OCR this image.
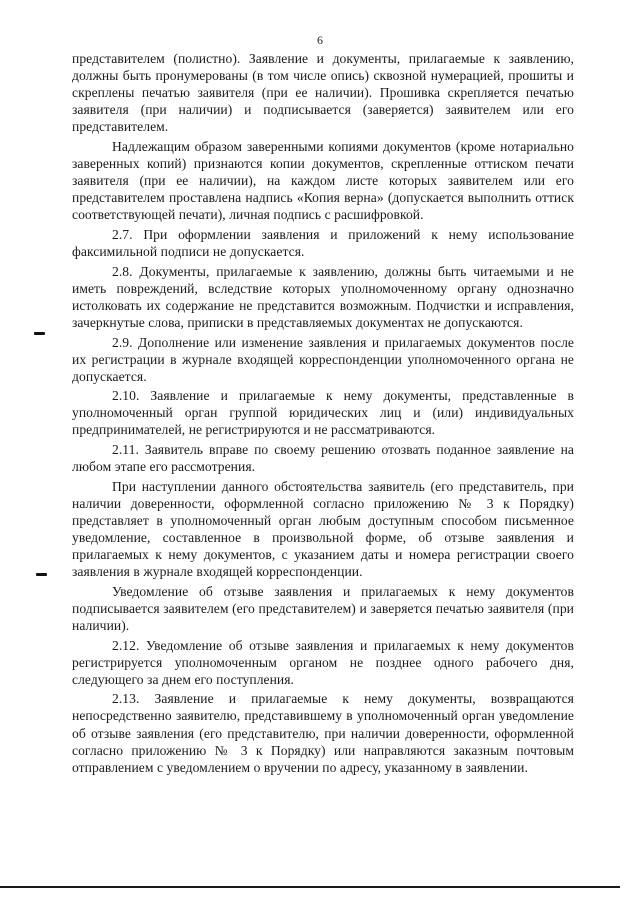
6

представителем (полистно). Заявление и документы, прилагаемые к заявлению, должны быть пронумерованы (в том числе опись) сквозной нумерацией, прошиты и скреплены печатью заявителя (при ее наличии). Прошивка скрепляется печатью заявителя (при наличии) и подписывается (заверяется) заявителем или его представителем.

Надлежащим образом заверенными копиями документов (кроме нотариально заверенных копий) признаются копии документов, скрепленные оттиском печати заявителя (при ее наличии), на каждом листе которых заявителем или его представителем проставлена надпись «Копия верна» (допускается выполнить оттиск соответствующей печати), личная подпись с расшифровкой.

2.7. При оформлении заявления и приложений к нему использование факсимильной подписи не допускается.

2.8. Документы, прилагаемые к заявлению, должны быть читаемыми и не иметь повреждений, вследствие которых уполномоченному органу однозначно истолковать их содержание не представится возможным. Подчистки и исправления, зачеркнутые слова, приписки в представляемых документах не допускаются.

2.9. Дополнение или изменение заявления и прилагаемых документов после их регистрации в журнале входящей корреспонденции уполномоченного органа не допускается.

2.10. Заявление и прилагаемые к нему документы, представленные в уполномоченный орган группой юридических лиц и (или) индивидуальных предпринимателей, не регистрируются и не рассматриваются.

2.11. Заявитель вправе по своему решению отозвать поданное заявление на любом этапе его рассмотрения.

При наступлении данного обстоятельства заявитель (его представитель, при наличии доверенности, оформленной согласно приложению № 3 к Порядку) представляет в уполномоченный орган любым доступным способом письменное уведомление, составленное в произвольной форме, об отзыве заявления и прилагаемых к нему документов, с указанием даты и номера регистрации своего заявления в журнале входящей корреспонденции.

Уведомление об отзыве заявления и прилагаемых к нему документов подписывается заявителем (его представителем) и заверяется печатью заявителя (при наличии).

2.12. Уведомление об отзыве заявления и прилагаемых к нему документов регистрируется уполномоченным органом не позднее одного рабочего дня, следующего за днем его поступления.

2.13. Заявление и прилагаемые к нему документы, возвращаются непосредственно заявителю, представившему в уполномоченный орган уведомление об отзыве заявления (его представителю, при наличии доверенности, оформленной согласно приложению № 3 к Порядку) или направляются заказным почтовым отправлением с уведомлением о вручении по адресу, указанному в заявлении.
